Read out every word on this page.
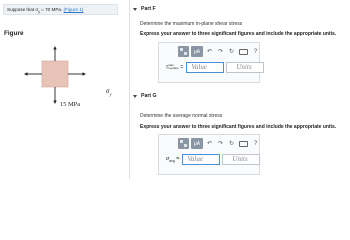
Suppose that $\sigma_y = 70$ MPa. (Figure 1)
Figure
$\sigma_y$
15 MPa
Part F
Determine the maximum in-plane shear stress
Express your answer to three significant figures and include the appropriate units.
μA	↶ ↷ ↻	?
τ max
in-plane =	Value	Units
Part G
Determine the average normal stress
Express your answer to three significant figures and include the appropriate units.
μA	↶ ↷ ↻	?
$\sigma_{avg}$ =	Value	Units
